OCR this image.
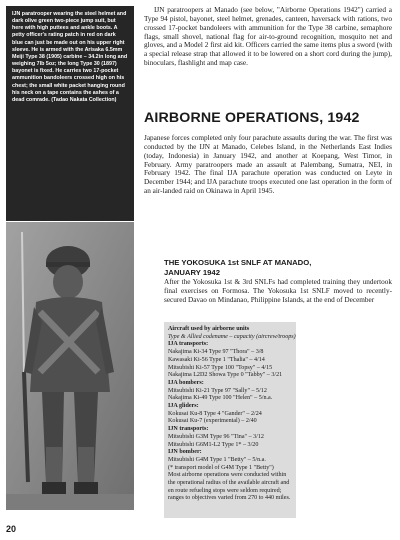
IJN paratrooper wearing the steel helmet and dark olive green two-piece jump suit, but here with high puttees and ankle boots. A petty officer's rating patch in red on dark blue can just be made out on his upper right sleeve. He is armed with the Arisaka 6.5mm Meiji Type 38 (1905) carbine – 34.2in long and weighing 7lb 5oz; the long Type 30 (1897) bayonet is fixed. He carries two 17-pocket ammunition bandoleers crossed high on his chest; the small white packet hanging round his neck on a tape contains the ashes of a dead comrade. (Tadao Nakata Collection)
20

IJN paratroopers at Manado (see below, "Airborne Operations 1942") carried a Type 94 pistol, bayonet, steel helmet, grenades, canteen, haversack with rations, two crossed 17-pocket bandoleers with ammunition for the Type 38 carbine, semaphore flags, small shovel, national flag for air-to-ground recognition, mosquito net and gloves, and a Model 2 first aid kit. Officers carried the same items plus a sword (with a special release strap that allowed it to be lowered on a short cord during the jump), binoculars, flashlight and map case.

AIRBORNE OPERATIONS, 1942

Japanese forces completed only four parachute assaults during the war. The first was conducted by the IJN at Manado, Celebes Island, in the Netherlands East Indies (today, Indonesia) in January 1942, and another at Koepang, West Timor, in February. Army paratroopers made an assault at Palembang, Sumatra, NEI, in February 1942. The final IJA parachute operation was conducted on Leyte in December 1944; and IJA parachute troops executed one last operation in the form of an air-landed raid on Okinawa in April 1945.

THE YOKOSUKA 1st SNLF AT MANADO,
JANUARY 1942

After the Yokosuka 1st & 3rd SNLFs had completed training they undertook final exercises on Formosa. The Yokosuka 1st SNLF moved to recently-secured Davao on Mindanao, Philippine Islands, at the end of December

Aircraft used by airborne units
Type & Allied codename – capacity (aircrew/troops)
IJA transports:
Nakajima Ki-34 Type 97 "Thora" – 3/8
Kawasaki Ki-56 Type 1 "Thalia" – 4/14
Mitsubishi Ki-57 Type 100 "Topsy" – 4/15
Nakajima L2D2 Showa Type 0 "Tabby" – 3/21
IJA bombers:
Mitsubishi Ki-21 Type 97 "Sally" – 5/12
Nakajima Ki-49 Type 100 "Helen" – 5/n.a.
IJA gliders:
Kokusai Ku-8 Type 4 "Gander" – 2/24
Kokusai Ku-7 (experimental) – 2/40
IJN transports:
Mitsubishi G3M Type 96 "Tina" – 3/12
Mitsubishi G6M1-L2 Type 1* – 3/20
IJN bomber:
Mitsubishi G4M Type 1 "Betty" – 5/n.a.
(* transport model of G4M Type 1 "Betty")
Most airborne operations were conducted within the operational radius of the available aircraft and en route refueling stops were seldom required; ranges to objectives varied from 270 to 440 miles.
